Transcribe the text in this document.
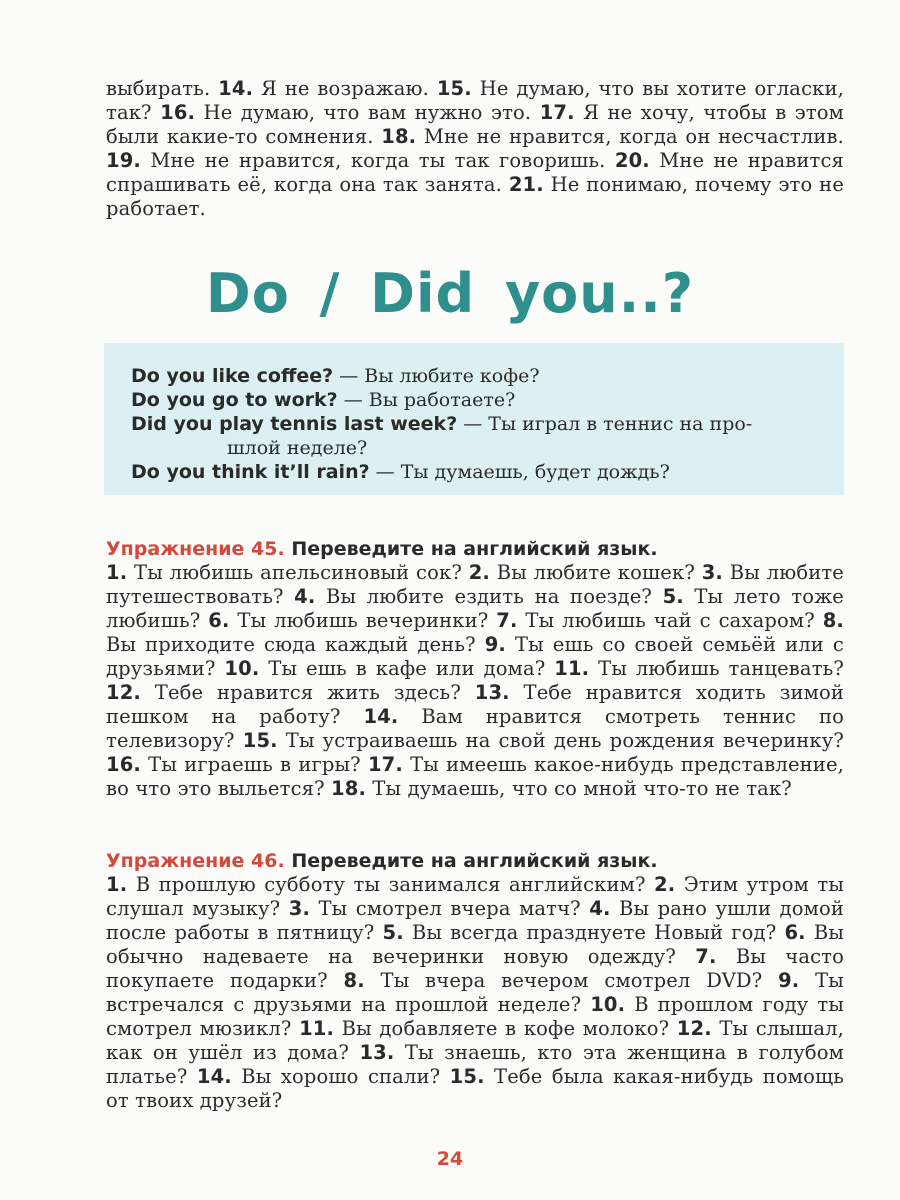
выбирать. 14. Я не возражаю. 15. Не думаю, что вы хотите огласки, так? 16. Не думаю, что вам нужно это. 17. Я не хочу, чтобы в этом были какие-то сомнения. 18. Мне не нравится, когда он несчастлив. 19. Мне не нравится, когда ты так говоришь. 20. Мне не нравится спрашивать её, когда она так занята. 21. Не понимаю, почему это не работает.
Do / Did you..?
Do you like coffee? — Вы любите кофе?
Do you go to work? — Вы работаете?
Did you play tennis last week? — Ты играл в теннис на про-
шлой неделе?
Do you think it’ll rain? — Ты думаешь, будет дождь?
Упражнение 45. Переведите на английский язык.
1. Ты любишь апельсиновый сок? 2. Вы любите кошек? 3. Вы любите путешествовать? 4. Вы любите ездить на поезде? 5. Ты лето тоже любишь? 6. Ты любишь вечеринки? 7. Ты любишь чай с сахаром? 8. Вы приходите сюда каждый день? 9. Ты ешь со своей семьёй или с друзьями? 10. Ты ешь в кафе или дома? 11. Ты любишь танцевать? 12. Тебе нравится жить здесь? 13. Тебе нравится ходить зимой пешком на работу? 14. Вам нравится смотреть теннис по телевизору? 15. Ты устраиваешь на свой день рождения вечеринку? 16. Ты играешь в игры? 17. Ты имеешь какое-нибудь представление, во что это выльется? 18. Ты думаешь, что со мной что-то не так?
Упражнение 46. Переведите на английский язык.
1. В прошлую субботу ты занимался английским? 2. Этим утром ты слушал музыку? 3. Ты смотрел вчера матч? 4. Вы рано ушли домой после работы в пятницу? 5. Вы всегда празднуете Новый год? 6. Вы обычно надеваете на вечеринки новую одежду? 7. Вы часто покупаете подарки? 8. Ты вчера вечером смотрел DVD? 9. Ты встречался с друзьями на прошлой неделе? 10. В прошлом году ты смотрел мюзикл? 11. Вы добавляете в кофе молоко? 12. Ты слышал, как он ушёл из дома? 13. Ты знаешь, кто эта женщина в голубом платье? 14. Вы хорошо спали? 15. Тебе была какая-нибудь помощь от твоих друзей?
24
